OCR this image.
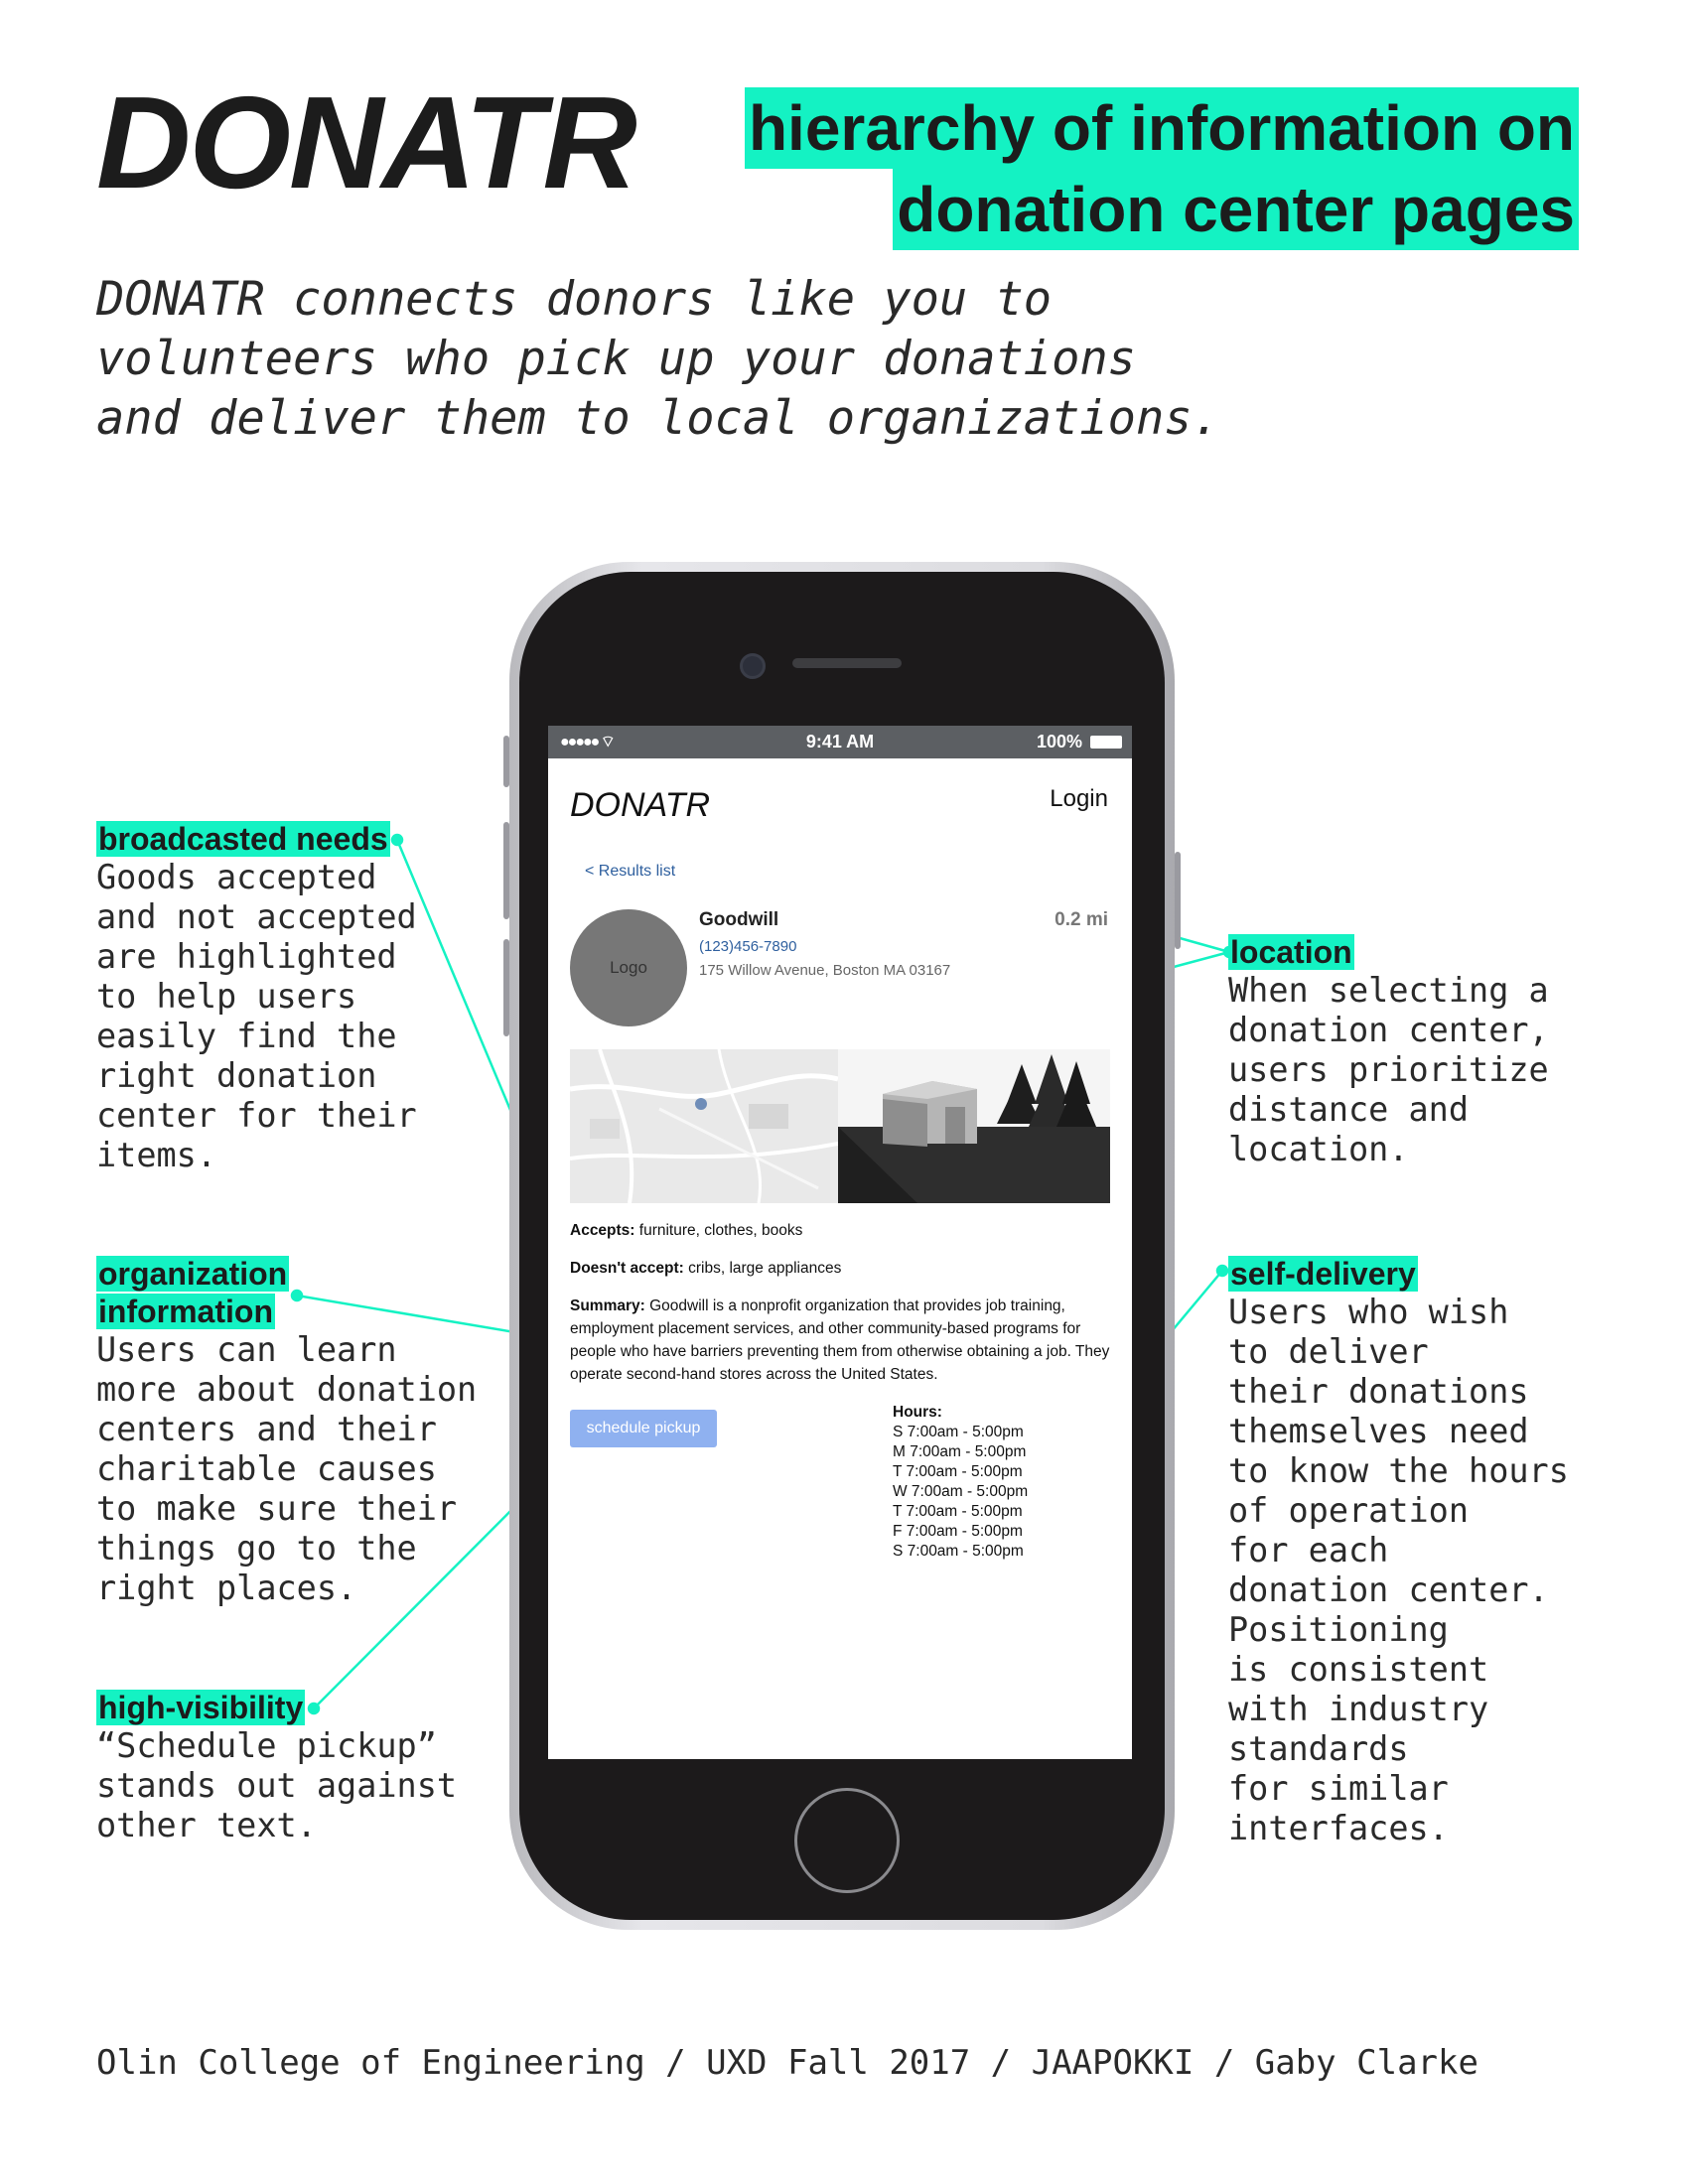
DONATR hierarchy of information on
donation center pages
DONATR connects donors like you to
volunteers who pick up your donations
and deliver them to local organizations.
broadcasted needs
Goods accepted
and not accepted
are highlighted
to help users
easily find the
right donation
center for their
items.
organization
information
Users can learn
more about donation
centers and their
charitable causes
to make sure their
things go to the
right places.
high-visibility
“Schedule pickup”
stands out against
other text.
location
When selecting a
donation center,
users prioritize
distance and
location.
self-delivery
Users who wish
to deliver
their donations
themselves need
to know the hours
of operation
for each
donation center.
Positioning
is consistent
with industry
standards
for similar
interfaces.
●●●●● ⌔	9:41 AM	100%
DONATR	Login
< Results list
Logo
Goodwill	0.2 mi
(123)456-7890
175 Willow Avenue, Boston MA 03167
Accepts: furniture, clothes, books
Doesn't accept: cribs, large appliances
Summary: Goodwill is a nonprofit organization that provides job training, employment placement services, and other community-based programs for people who have barriers preventing them from otherwise obtaining a job. They operate second-hand stores across the United States.
schedule pickup
Hours:
S 7:00am - 5:00pm
M 7:00am - 5:00pm
T 7:00am - 5:00pm
W 7:00am - 5:00pm
T 7:00am - 5:00pm
F 7:00am - 5:00pm
S 7:00am - 5:00pm
Olin College of Engineering / UXD Fall 2017 / JAAPOKKI / Gaby Clarke
